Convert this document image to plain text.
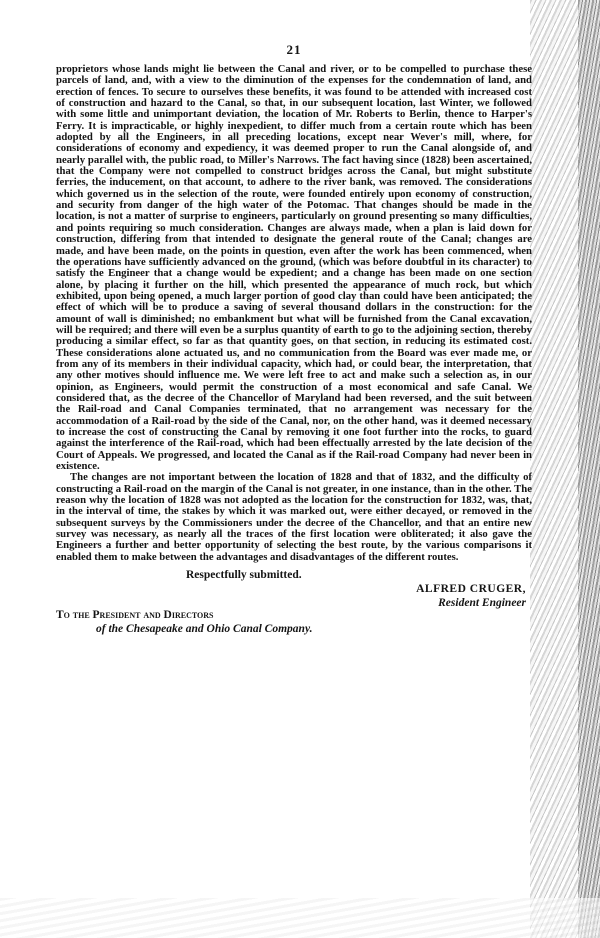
21

proprietors whose lands might lie between the Canal and river, or to be compelled to purchase these parcels of land, and, with a view to the diminution of the expenses for the condemnation of land, and erection of fences. To secure to ourselves these benefits, it was found to be attended with increased cost of construction and hazard to the Canal, so that, in our subsequent location, last Winter, we followed with some little and unimportant deviation, the location of Mr. Roberts to Berlin, thence to Harper's Ferry. It is impracticable, or highly inexpedient, to differ much from a certain route which has been adopted by all the Engineers, in all preceding locations, except near Wever's mill, where, for considerations of economy and expediency, it was deemed proper to run the Canal alongside of, and nearly parallel with, the public road, to Miller's Narrows. The fact having since (1828) been ascertained, that the Company were not compelled to construct bridges across the Canal, but might substitute ferries, the inducement, on that account, to adhere to the river bank, was removed. The considerations which governed us in the selection of the route, were founded entirely upon economy of construction, and security from danger of the high water of the Potomac. That changes should be made in the location, is not a matter of surprise to engineers, particularly on ground presenting so many difficulties, and points requiring so much consideration. Changes are always made, when a plan is laid down for construction, differing from that intended to designate the general route of the Canal; changes are made, and have been made, on the points in question, even after the work has been commenced, when the operations have sufficiently advanced on the ground, (which was before doubtful in its character) to satisfy the Engineer that a change would be expedient; and a change has been made on one section alone, by placing it further on the hill, which presented the appearance of much rock, but which exhibited, upon being opened, a much larger portion of good clay than could have been anticipated; the effect of which will be to produce a saving of several thousand dollars in the construction: for the amount of wall is diminished; no embankment but what will be furnished from the Canal excavation, will be required; and there will even be a surplus quantity of earth to go to the adjoining section, thereby producing a similar effect, so far as that quantity goes, on that section, in reducing its estimated cost. These considerations alone actuated us, and no communication from the Board was ever made me, or from any of its members in their individual capacity, which had, or could bear, the interpretation, that any other motives should influence me. We were left free to act and make such a selection as, in our opinion, as Engineers, would permit the construction of a most economical and safe Canal. We considered that, as the decree of the Chancellor of Maryland had been reversed, and the suit between the Rail-road and Canal Companies terminated, that no arrangement was necessary for the accommodation of a Rail-road by the side of the Canal, nor, on the other hand, was it deemed necessary to increase the cost of constructing the Canal by removing it one foot further into the rocks, to guard against the interference of the Rail-road, which had been effectually arrested by the late decision of the Court of Appeals. We progressed, and located the Canal as if the Rail-road Company had never been in existence.

The changes are not important between the location of 1828 and that of 1832, and the difficulty of constructing a Rail-road on the margin of the Canal is not greater, in one instance, than in the other. The reason why the location of 1828 was not adopted as the location for the construction for 1832, was, that, in the interval of time, the stakes by which it was marked out, were either decayed, or removed in the subsequent surveys by the Commissioners under the decree of the Chancellor, and that an entire new survey was necessary, as nearly all the traces of the first location were obliterated; it also gave the Engineers a further and better opportunity of selecting the best route, by the various comparisons it enabled them to make between the advantages and disadvantages of the different routes.

Respectfully submitted.
ALFRED CRUGER,
Resident Engineer
To the President and Directors
of the Chesapeake and Ohio Canal Company.
